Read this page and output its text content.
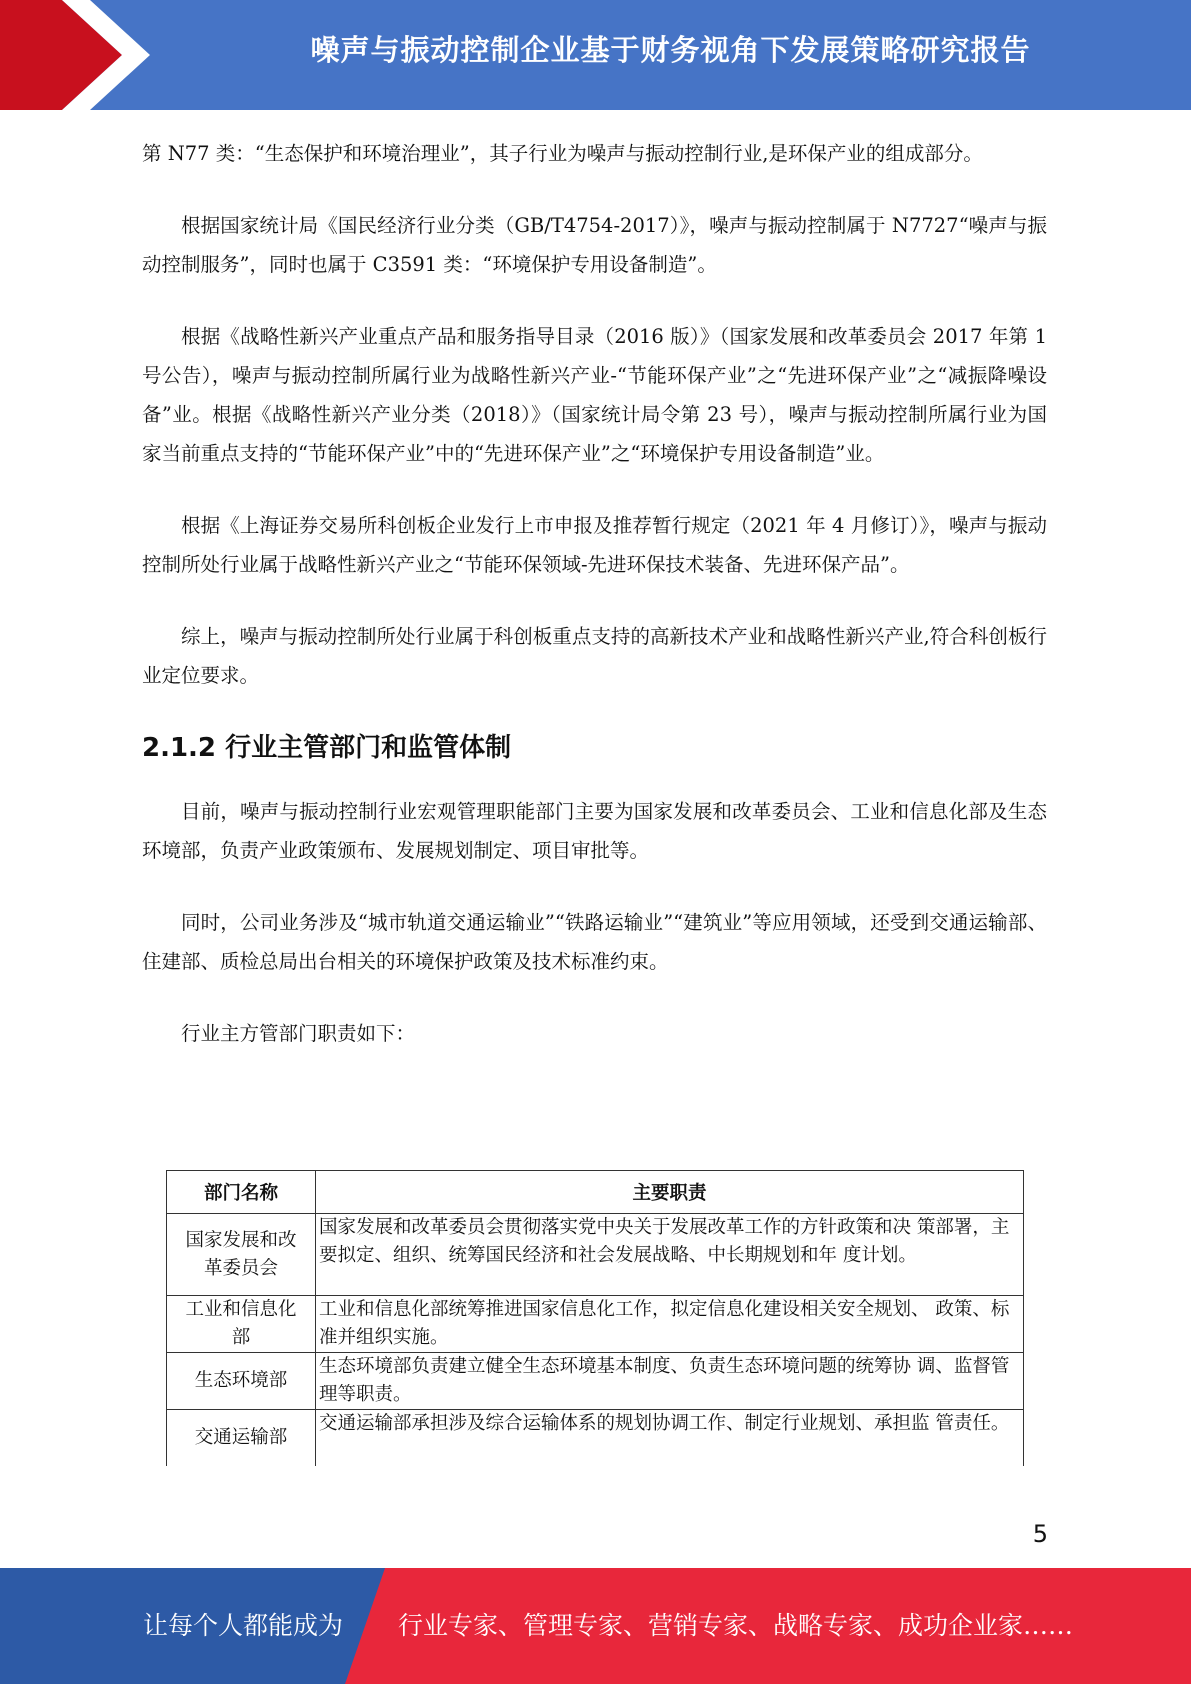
噪声与振动控制企业基于财务视角下发展策略研究报告

第 N77 类：“生态保护和环境治理业”，其子行业为噪声与振动控制行业,是环保产业的组成部分。

根据国家统计局《国民经济行业分类（GB/T4754-2017）》，噪声与振动控制属于 N7727“噪声与振动控制服务”，同时也属于 C3591 类：“环境保护专用设备制造”。

根据《战略性新兴产业重点产品和服务指导目录（2016 版）》（国家发展和改革委员会 2017 年第 1 号公告），噪声与振动控制所属行业为战略性新兴产业-“节能环保产业”之“先进环保产业”之“减振降噪设备”业。根据《战略性新兴产业分类（2018）》（国家统计局令第 23 号），噪声与振动控制所属行业为国家当前重点支持的“节能环保产业”中的“先进环保产业”之“环境保护专用设备制造”业。

根据《上海证券交易所科创板企业发行上市申报及推荐暂行规定（2021 年 4 月修订）》，噪声与振动控制所处行业属于战略性新兴产业之“节能环保领域-先进环保技术装备、先进环保产品”。

综上，噪声与振动控制所处行业属于科创板重点支持的高新技术产业和战略性新兴产业,符合科创板行业定位要求。

2.1.2 行业主管部门和监管体制

目前，噪声与振动控制行业宏观管理职能部门主要为国家发展和改革委员会、工业和信息化部及生态环境部，负责产业政策颁布、发展规划制定、项目审批等。

同时，公司业务涉及“城市轨道交通运输业”“铁路运输业”“建筑业”等应用领域，还受到交通运输部、住建部、质检总局出台相关的环境保护政策及技术标准约束。

行业主方管部门职责如下：

部门名称	主要职责
国家发展和改革委员会	国家发展和改革委员会贯彻落实党中央关于发展改革工作的方针政策和决 策部署，主要拟定、组织、统筹国民经济和社会发展战略、中长期规划和年 度计划。
工业和信息化部	工业和信息化部统筹推进国家信息化工作，拟定信息化建设相关安全规划、 政策、标准并组织实施。
生态环境部	生态环境部负责建立健全生态环境基本制度、负责生态环境问题的统筹协 调、监督管理等职责。
交通运输部	交通运输部承担涉及综合运输体系的规划协调工作、制定行业规划、承担监 管责任。
5
让每个人都能成为 行业专家、管理专家、营销专家、战略专家、成功企业家……
